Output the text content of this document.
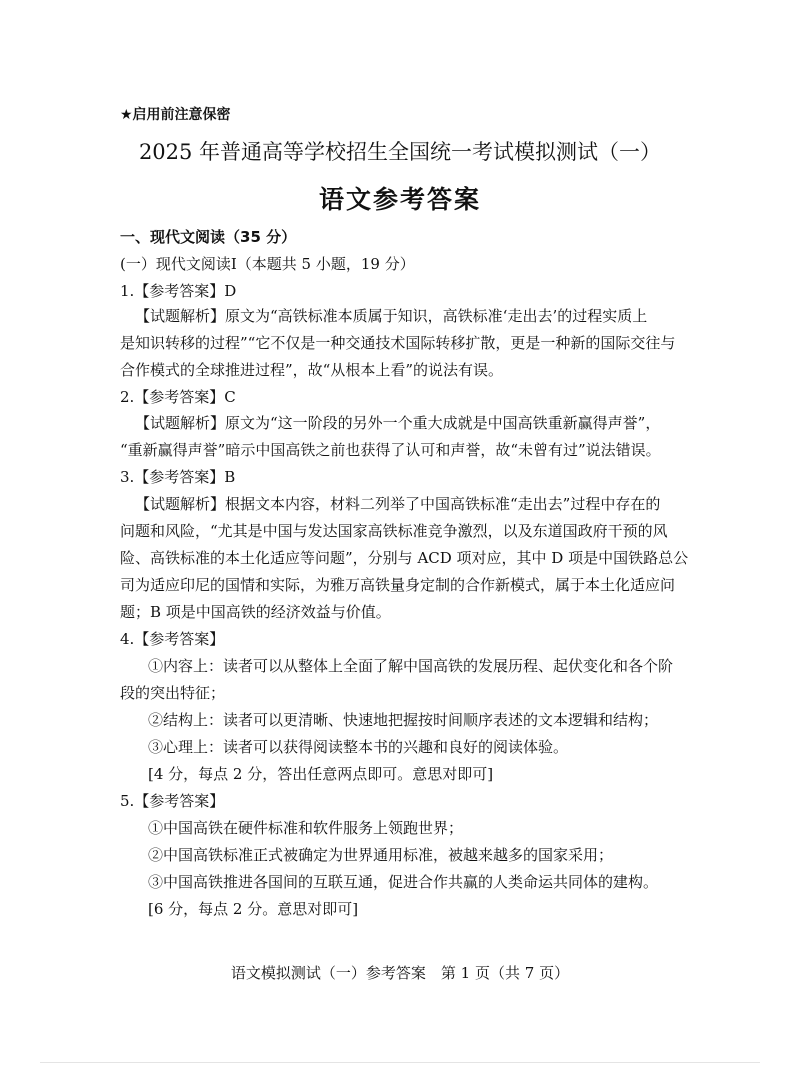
★启用前注意保密
2025 年普通高等学校招生全国统一考试模拟测试（一）
语文参考答案
一、现代文阅读（35 分）
(一）现代文阅读Ⅰ（本题共 5 小题，19 分）
1.【参考答案】D
【试题解析】原文为“高铁标准本质属于知识，高铁标准‘走出去’的过程实质上
是知识转移的过程”“它不仅是一种交通技术国际转移扩散，更是一种新的国际交往与
合作模式的全球推进过程”，故“从根本上看”的说法有误。
2.【参考答案】C
【试题解析】原文为“这一阶段的另外一个重大成就是中国高铁重新赢得声誉”，
“重新赢得声誉”暗示中国高铁之前也获得了认可和声誉，故“未曾有过”说法错误。
3.【参考答案】B
【试题解析】根据文本内容，材料二列举了中国高铁标准“走出去”过程中存在的
问题和风险，“尤其是中国与发达国家高铁标准竞争激烈，以及东道国政府干预的风
险、高铁标准的本土化适应等问题”，分别与 ACD 项对应，其中 D 项是中国铁路总公
司为适应印尼的国情和实际，为雅万高铁量身定制的合作新模式，属于本土化适应问
题；B 项是中国高铁的经济效益与价值。
4.【参考答案】
①内容上：读者可以从整体上全面了解中国高铁的发展历程、起伏变化和各个阶
段的突出特征；
②结构上：读者可以更清晰、快速地把握按时间顺序表述的文本逻辑和结构；
③心理上：读者可以获得阅读整本书的兴趣和良好的阅读体验。
[4 分，每点 2 分，答出任意两点即可。意思对即可]
5.【参考答案】
①中国高铁在硬件标准和软件服务上领跑世界；
②中国高铁标准正式被确定为世界通用标准，被越来越多的国家采用；
③中国高铁推进各国间的互联互通，促进合作共赢的人类命运共同体的建构。
[6 分，每点 2 分。意思对即可]
语文模拟测试（一）参考答案　第 1 页（共 7 页）
